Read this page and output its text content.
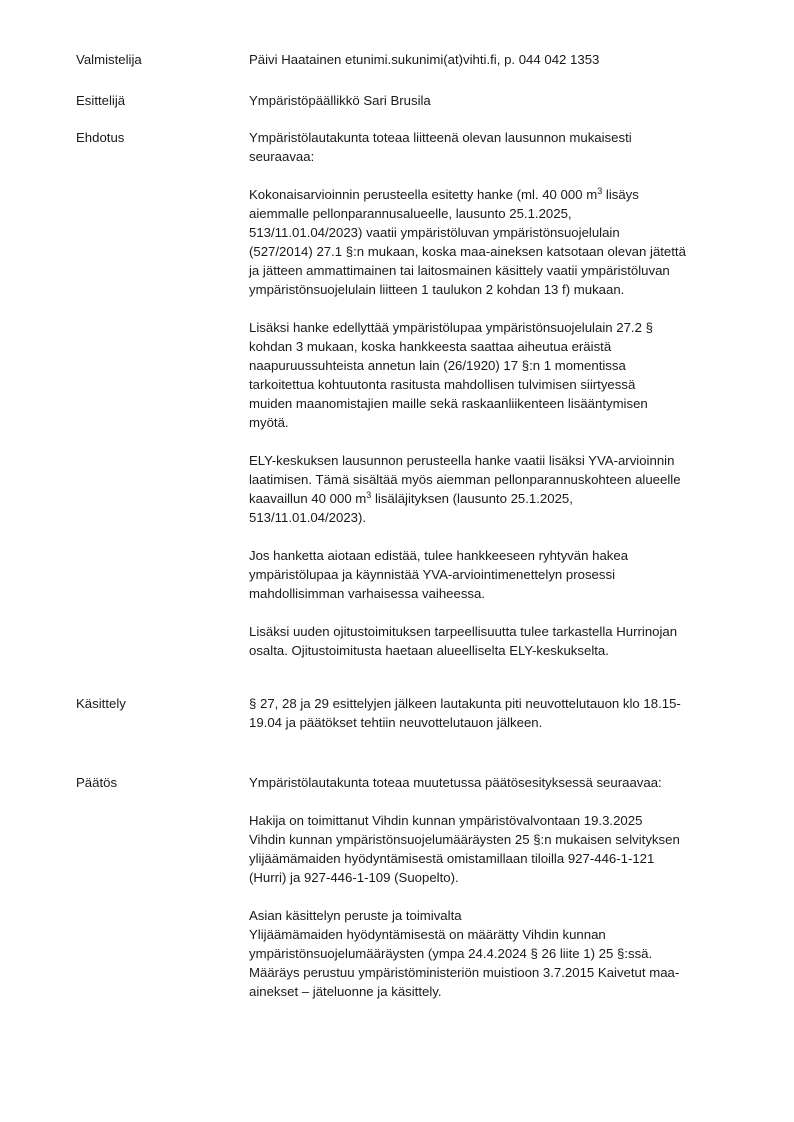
Valmistelija	Päivi Haatainen etunimi.sukunimi(at)vihti.fi, p. 044 042 1353
Esittelijä	Ympäristöpäällikkö Sari Brusila
Ehdotus	Ympäristölautakunta toteaa liitteenä olevan lausunnon mukaisesti
seuraavaa:

Kokonaisarvioinnin perusteella esitetty hanke (ml. 40 000 $m^3$ lisäys
aiemmalle pellonparannusalueelle, lausunto 25.1.2025,
513/11.01.04/2023) vaatii ympäristöluvan ympäristönsuojelulain
(527/2014) 27.1 §:n mukaan, koska maa-aineksen katsotaan olevan jätettä
ja jätteen ammattimainen tai laitosmainen käsittely vaatii ympäristöluvan
ympäristönsuojelulain liitteen 1 taulukon 2 kohdan 13 f) mukaan.

Lisäksi hanke edellyttää ympäristölupaa ympäristönsuojelulain 27.2 §
kohdan 3 mukaan, koska hankkeesta saattaa aiheutua eräistä
naapuruussuhteista annetun lain (26/1920) 17 §:n 1 momentissa
tarkoitettua kohtuutonta rasitusta mahdollisen tulvimisen siirtyessä
muiden maanomistajien maille sekä raskaanliikenteen lisääntymisen
myötä.

ELY-keskuksen lausunnon perusteella hanke vaatii lisäksi YVA-arvioinnin
laatimisen. Tämä sisältää myös aiemman pellonparannuskohteen alueelle
kaavaillun 40 000 $m^3$ lisäläjityksen (lausunto 25.1.2025,
513/11.01.04/2023).

Jos hanketta aiotaan edistää, tulee hankkeeseen ryhtyvän hakea
ympäristölupaa ja käynnistää YVA-arviointimenettelyn prosessi
mahdollisimman varhaisessa vaiheessa.

Lisäksi uuden ojitustoimituksen tarpeellisuutta tulee tarkastella Hurrinojan
osalta. Ojitustoimitusta haetaan alueelliselta ELY-keskukselta.

Käsittely	§ 27, 28 ja 29 esittelyjen jälkeen lautakunta piti neuvottelutauon klo 18.15-
19.04 ja päätökset tehtiin neuvottelutauon jälkeen.
Päätös	Ympäristölautakunta toteaa muutetussa päätösesityksessä seuraavaa:

Hakija on toimittanut Vihdin kunnan ympäristövalvontaan 19.3.2025
Vihdin kunnan ympäristönsuojelumääräysten 25 §:n mukaisen selvityksen
ylijäämämaiden hyödyntämisestä omistamillaan tiloilla 927-446-1-121
(Hurri) ja 927-446-1-109 (Suopelto).

Asian käsittelyn peruste ja toimivalta
Ylijäämämaiden hyödyntämisestä on määrätty Vihdin kunnan
ympäristönsuojelumääräysten (ympa 24.4.2024 § 26 liite 1) 25 §:ssä.
Määräys perustuu ympäristöministeriön muistioon 3.7.2015 Kaivetut maa-
ainekset – jäteluonne ja käsittely.
